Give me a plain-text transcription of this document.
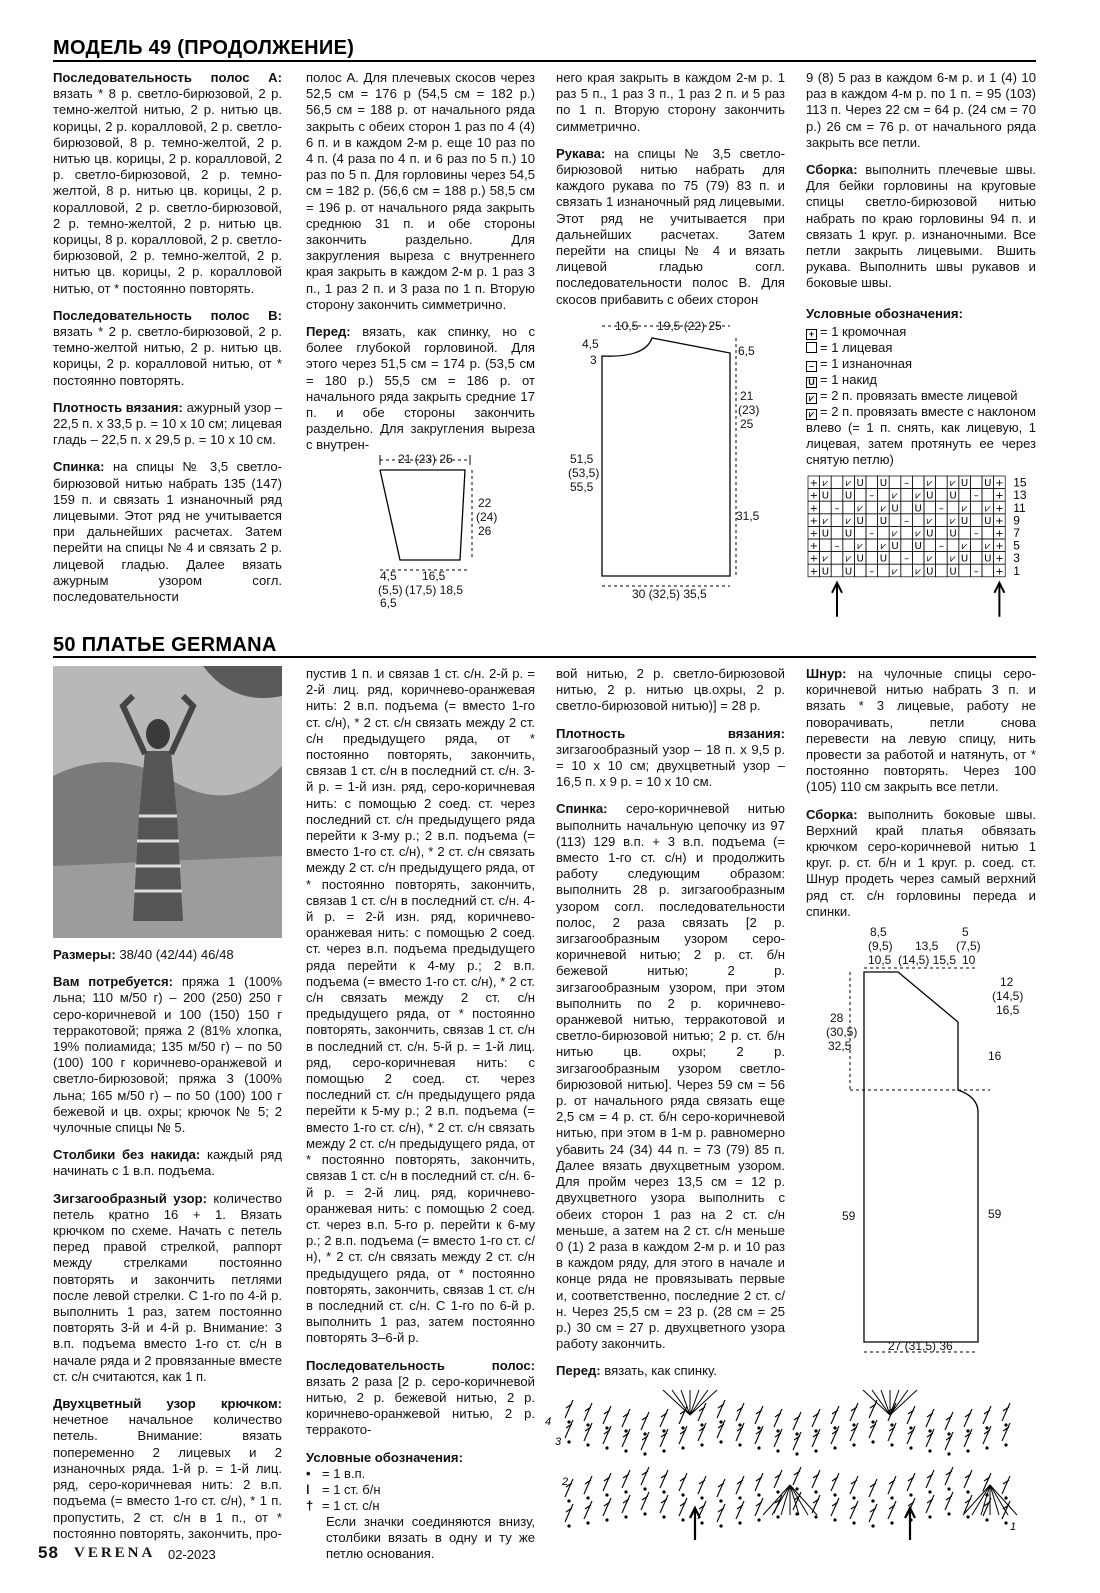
МОДЕЛЬ 49 (ПРОДОЛЖЕНИЕ)

Последовательность полос А: вязать * 8 р. светло-бирюзовой, 2 р. темно-желтой нитью, 2 р. нитью цв. корицы, 2 р. коралловой, 2 р. светло-бирюзовой, 8 р. темно-желтой, 2 р. нитью цв. корицы, 2 р. коралловой, 2 р. светло-бирюзовой, 2 р. темно-желтой, 8 р. нитью цв. корицы, 2 р. коралловой, 2 р. светло-бирюзовой, 2 р. темно-желтой, 2 р. нитью цв. корицы, 8 р. коралловой, 2 р. светло-бирюзовой, 2 р. темно-желтой, 2 р. нитью цв. корицы, 2 р. коралловой нитью, от * постоянно повторять.

Последовательность полос В: вязать * 2 р. светло-бирюзовой, 2 р. темно-желтой нитью, 2 р. нитью цв. корицы, 2 р. коралловой нитью, от * постоянно повторять.

Плотность вязания: ажурный узор – 22,5 п. х 33,5 р. = 10 х 10 см; лицевая гладь – 22,5 п. х 29,5 р. = 10 х 10 см.

Спинка: на спицы № 3,5 светло-бирюзовой нитью набрать 135 (147) 159 п. и связать 1 изнаночный ряд лицевыми. Этот ряд не учитывается при дальнейших расчетах. Затем перейти на спицы № 4 и связать 2 р. лицевой гладью. Далее вязать ажурным узором согл. последовательности

полос А. Для плечевых скосов через 52,5 см = 176 р (54,5 см = 182 р.) 56,5 см = 188 р. от начального ряда закрыть с обеих сторон 1 раз по 4 (4) 6 п. и в каждом 2-м р. еще 10 раз по 4 п. (4 раза по 4 п. и 6 раз по 5 п.) 10 раз по 5 п. Для горловины через 54,5 см = 182 р. (56,6 см = 188 р.) 58,5 см = 196 р. от начального ряда закрыть среднюю 31 п. и обе стороны закончить раздельно. Для закругления выреза с внутреннего края закрыть в каждом 2-м р. 1 раз 3 п., 1 раз 2 п. и 3 раза по 1 п. Вторую сторону закончить симметрично.

Перед: вязать, как спинку, но с более глубокой горловиной. Для этого через 51,5 см = 174 р. (53,5 см = 180 р.) 55,5 см = 186 р. от начального ряда закрыть средние 17 п. и обе стороны закончить раздельно. Для закругления выреза с внутрен-

него края закрыть в каждом 2-м р. 1 раз 5 п., 1 раз 3 п., 1 раз 2 п. и 5 раз по 1 п. Вторую сторону закончить симметрично.

Рукава: на спицы № 3,5 светло-бирюзовой нитью набрать для каждого рукава по 75 (79) 83 п. и связать 1 изнаночный ряд лицевыми. Этот ряд не учитывается при дальнейших расчетах. Затем перейти на спицы № 4 и вязать лицевой гладью согл. последовательности полос В. Для скосов прибавить с обеих сторон

9 (8) 5 раз в каждом 6-м р. и 1 (4) 10 раз в каждом 4-м р. по 1 п. = 95 (103) 113 п. Через 22 см = 64 р. (24 см = 70 р.) 26 см = 76 р. от начального ряда закрыть все петли.

Сборка: выполнить плечевые швы. Для бейки горловины на круговые спицы светло-бирюзовой нитью набрать по краю горловины 94 п. и связать 1 круг. р. изнаночными. Все петли закрыть лицевыми. Вшить рукава. Выполнить швы рукавов и боковые швы.

Условные обозначения:
+ = 1 кромочная
= 1 лицевая
– = 1 изнаночная
U = 1 накид
⩗ = 2 п. провязать вместе лицевой
⩗ = 2 п. провязать вместе с наклоном влево (= 1 п. снять, как лицевую, 1 лицевая, затем протянуть ее через снятую петлю)
+ ⩗ ⩗ U U – ⩗ ⩗ U U +
+ U U – ⩗ ⩗ U U – +
+ – ⩗ ⩗ U U – ⩗ ⩗ +
+ ⩗ ⩗ U U – ⩗ ⩗ U U +
+ U U – ⩗ ⩗ U U – +
+ – ⩗ ⩗ U U – ⩗ ⩗ +
+ ⩗ ⩗ U U – ⩗ ⩗ U U +
+ U U – ⩗ ⩗ U U – +
15
13
11
9
7
5
3
1
21 (23) 25
22
(24)
26
4,5
(5,5)
6,5
16,5
(17,5) 18,5
10,5 19,5 (22) 25
4,5
3
6,5
21
(23)
25
31,5
51,5
(53,5)
55,5
30 (32,5) 35,5
50 ПЛАТЬЕ GERMANA

Размеры: 38/40 (42/44) 46/48

Вам потребуется: пряжа 1 (100% льна; 110 м/50 г) – 200 (250) 250 г серо-коричневой и 100 (150) 150 г терракотовой; пряжа 2 (81% хлопка, 19% полиамида; 135 м/50 г) – по 50 (100) 100 г коричнево-оранжевой и светло-бирюзовой; пряжа 3 (100% льна; 165 м/50 г) – по 50 (100) 100 г бежевой и цв. охры; крючок № 5; 2 чулочные спицы № 5.

Столбики без накида: каждый ряд начинать с 1 в.п. подъема.

Зигзагообразный узор: количество петель кратно 16 + 1. Вязать крючком по схеме. Начать с петель перед правой стрелкой, раппорт между стрелками постоянно повторять и закончить петлями после левой стрелки. С 1-го по 4-й р. выполнить 1 раз, затем постоянно повторять 3-й и 4-й р. Внимание: 3 в.п. подъема вместо 1-го ст. с/н в начале ряда и 2 провязанные вместе ст. с/н считаются, как 1 п.

Двухцветный узор крючком: нечетное начальное количество петель. Внимание: вязать попеременно 2 лицевых и 2 изнаночных ряда. 1-й р. = 1-й лиц. ряд, серо-коричневая нить: 2 в.п. подъема (= вместо 1-го ст. с/н), * 1 п. пропустить, 2 ст. с/н в 1 п., от * постоянно повторять, закончить, про-

пустив 1 п. и связав 1 ст. с/н. 2-й р. = 2-й лиц. ряд, коричнево-оранжевая нить: 2 в.п. подъема (= вместо 1-го ст. с/н), * 2 ст. с/н связать между 2 ст. с/н предыдущего ряда, от * постоянно повторять, закончить, связав 1 ст. с/н в последний ст. с/н. 3-й р. = 1-й изн. ряд, серо-коричневая нить: с помощью 2 соед. ст. через последний ст. с/н предыдущего ряда перейти к 3-му р.; 2 в.п. подъема (= вместо 1-го ст. с/н), * 2 ст. с/н связать между 2 ст. с/н предыдущего ряда, от * постоянно повторять, закончить, связав 1 ст. с/н в последний ст. с/н. 4-й р. = 2-й изн. ряд, коричнево-оранжевая нить: с помощью 2 соед. ст. через в.п. подъема предыдущего ряда перейти к 4-му р.; 2 в.п. подъема (= вместо 1-го ст. с/н), * 2 ст. с/н связать между 2 ст. с/н предыдущего ряда, от * постоянно повторять, закончить, связав 1 ст. с/н в последний ст. с/н. 5-й р. = 1-й лиц. ряд, серо-коричневая нить: с помощью 2 соед. ст. через последний ст. с/н предыдущего ряда перейти к 5-му р.; 2 в.п. подъема (= вместо 1-го ст. с/н), * 2 ст. с/н связать между 2 ст. с/н предыдущего ряда, от * постоянно повторять, закончить, связав 1 ст. с/н в последний ст. с/н. 6-й р. = 2-й лиц. ряд, коричнево-оранжевая нить: с помощью 2 соед. ст. через в.п. 5-го р. перейти к 6-му р.; 2 в.п. подъема (= вместо 1-го ст. с/н), * 2 ст. с/н связать между 2 ст. с/н предыдущего ряда, от * постоянно повторять, закончить, связав 1 ст. с/н в последний ст. с/н. С 1-го по 6-й р. выполнить 1 раз, затем постоянно повторять 3–6-й р.

Последовательность полос: вязать 2 раза [2 р. серо-коричневой нитью, 2 р. бежевой нитью, 2 р. коричнево-оранжевой нитью, 2 р. терракото-

Условные обозначения:
• = 1 в.п.
ǀ = 1 ст. б/н
† = 1 ст. с/н
Если значки соединяются внизу, столбики вязать в одну и ту же петлю основания.

вой нитью, 2 р. светло-бирюзовой нитью, 2 р. нитью цв.охры, 2 р. светло-бирюзовой нитью)] = 28 р.

Плотность вязания: зигзагообразный узор – 18 п. х 9,5 р. = 10 х 10 см; двухцветный узор – 16,5 п. х 9 р. = 10 х 10 см.

Спинка: серо-коричневой нитью выполнить начальную цепочку из 97 (113) 129 в.п. + 3 в.п. подъема (= вместо 1-го ст. с/н) и продолжить работу следующим образом: выполнить 28 р. зигзагообразным узором согл. последовательности полос, 2 раза связать [2 р. зигзагообразным узором серо-коричневой нитью; 2 р. ст. б/н бежевой нитью; 2 р. зигзагообразным узором, при этом выполнить по 2 р. коричнево-оранжевой нитью, терракотовой и светло-бирюзовой нитью; 2 р. ст. б/н нитью цв. охры; 2 р. зигзагообразным узором светло-бирюзовой нитью]. Через 59 см = 56 р. от начального ряда связать еще 2,5 см = 4 р. ст. б/н серо-коричневой нитью, при этом в 1-м р. равномерно убавить 24 (34) 44 п. = 73 (79) 85 п. Далее вязать двухцветным узором. Для пройм через 13,5 см = 12 р. двухцветного узора выполнить с обеих сторон 1 раз на 2 ст. с/н меньше, а затем на 2 ст. с/н меньше 0 (1) 2 раза в каждом 2-м р. и 10 раз в каждом ряду, для этого в начале и конце ряда не провязывать первые и, соответственно, последние 2 ст. с/н. Через 25,5 см = 23 р. (28 см = 25 р.) 30 см = 27 р. двухцветного узора работу закончить.

Перед: вязать, как спинку.

Шнур: на чулочные спицы серо-коричневой нитью набрать 3 п. и вязать * 3 лицевые, работу не поворачивать, петли снова перевести на левую спицу, нить провести за работой и натянуть, от * постоянно повторять. Через 100 (105) 110 см закрыть все петли.

Сборка: выполнить боковые швы. Верхний край платья обвязать крючком серо-коричневой нитью 1 круг. р. ст. б/н и 1 круг. р. соед. ст. Шнур продеть через самый верхний ряд ст. с/н горловины переда и спинки.

8,5
(9,5)
10,5
13,5
(14,5) 15,5
5
(7,5)
10
28
(30,5)
32,5
12
(14,5)
16,5
16
59	59
27 (31,5) 36
4
3
2
1
58 VERENA 02-2023
